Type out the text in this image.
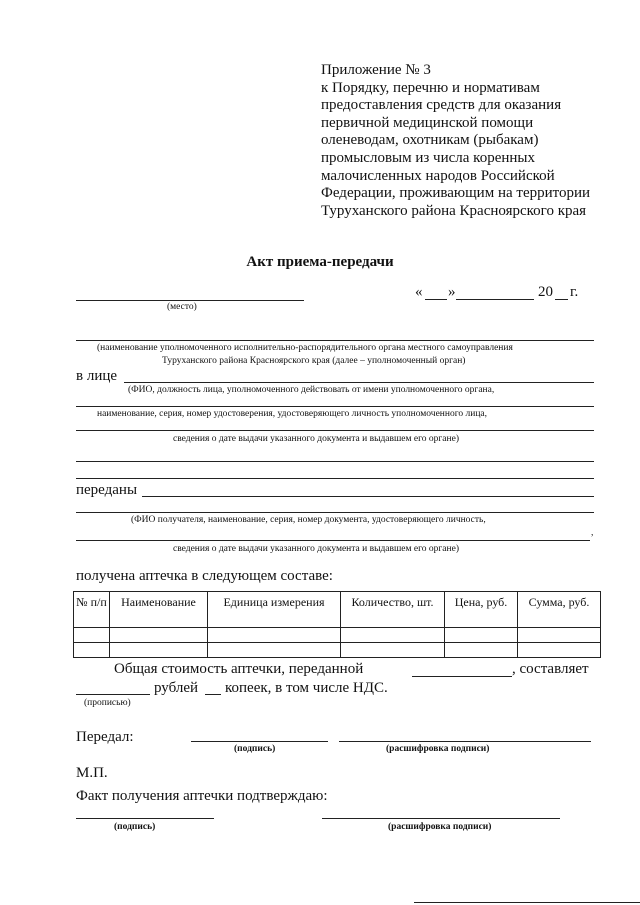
Приложение № 3
к Порядку, перечню и нормативам
предоставления средств для оказания
первичной медицинской помощи
оленеводам, охотникам (рыбакам)
промысловым из числа коренных
малочисленных народов Российской
Федерации, проживающим на территории
Туруханского района Красноярского края
Акт приема-передачи
(место)
« »	20 г.
(наименование уполномоченного исполнительно-распорядительного органа местного самоуправления
Туруханского района Красноярского края (далее – уполномоченный орган)
в лице
(ФИО, должность лица, уполномоченного действовать от имени уполномоченного органа,
наименование, серия, номер удостоверения, удостоверяющего личность уполномоченного лица,
сведения о дате выдачи указанного документа и выдавшем его органе)
переданы
(ФИО получателя, наименование, серия, номер документа, удостоверяющего личность,
,
сведения о дате выдачи указанного документа и выдавшем его органе)
получена аптечка в следующем составе:
№ п/п	Наименование	Единица измерения	Количество, шт.	Цена, руб.	Сумма, руб.

Общая стоимость аптечки, переданной	, составляет
рублей копеек, в том числе НДС.
(прописью)
Передал:
(подпись)	(расшифровка подписи)
М.П.
Факт получения аптечки подтверждаю:
(подпись)	(расшифровка подписи)
